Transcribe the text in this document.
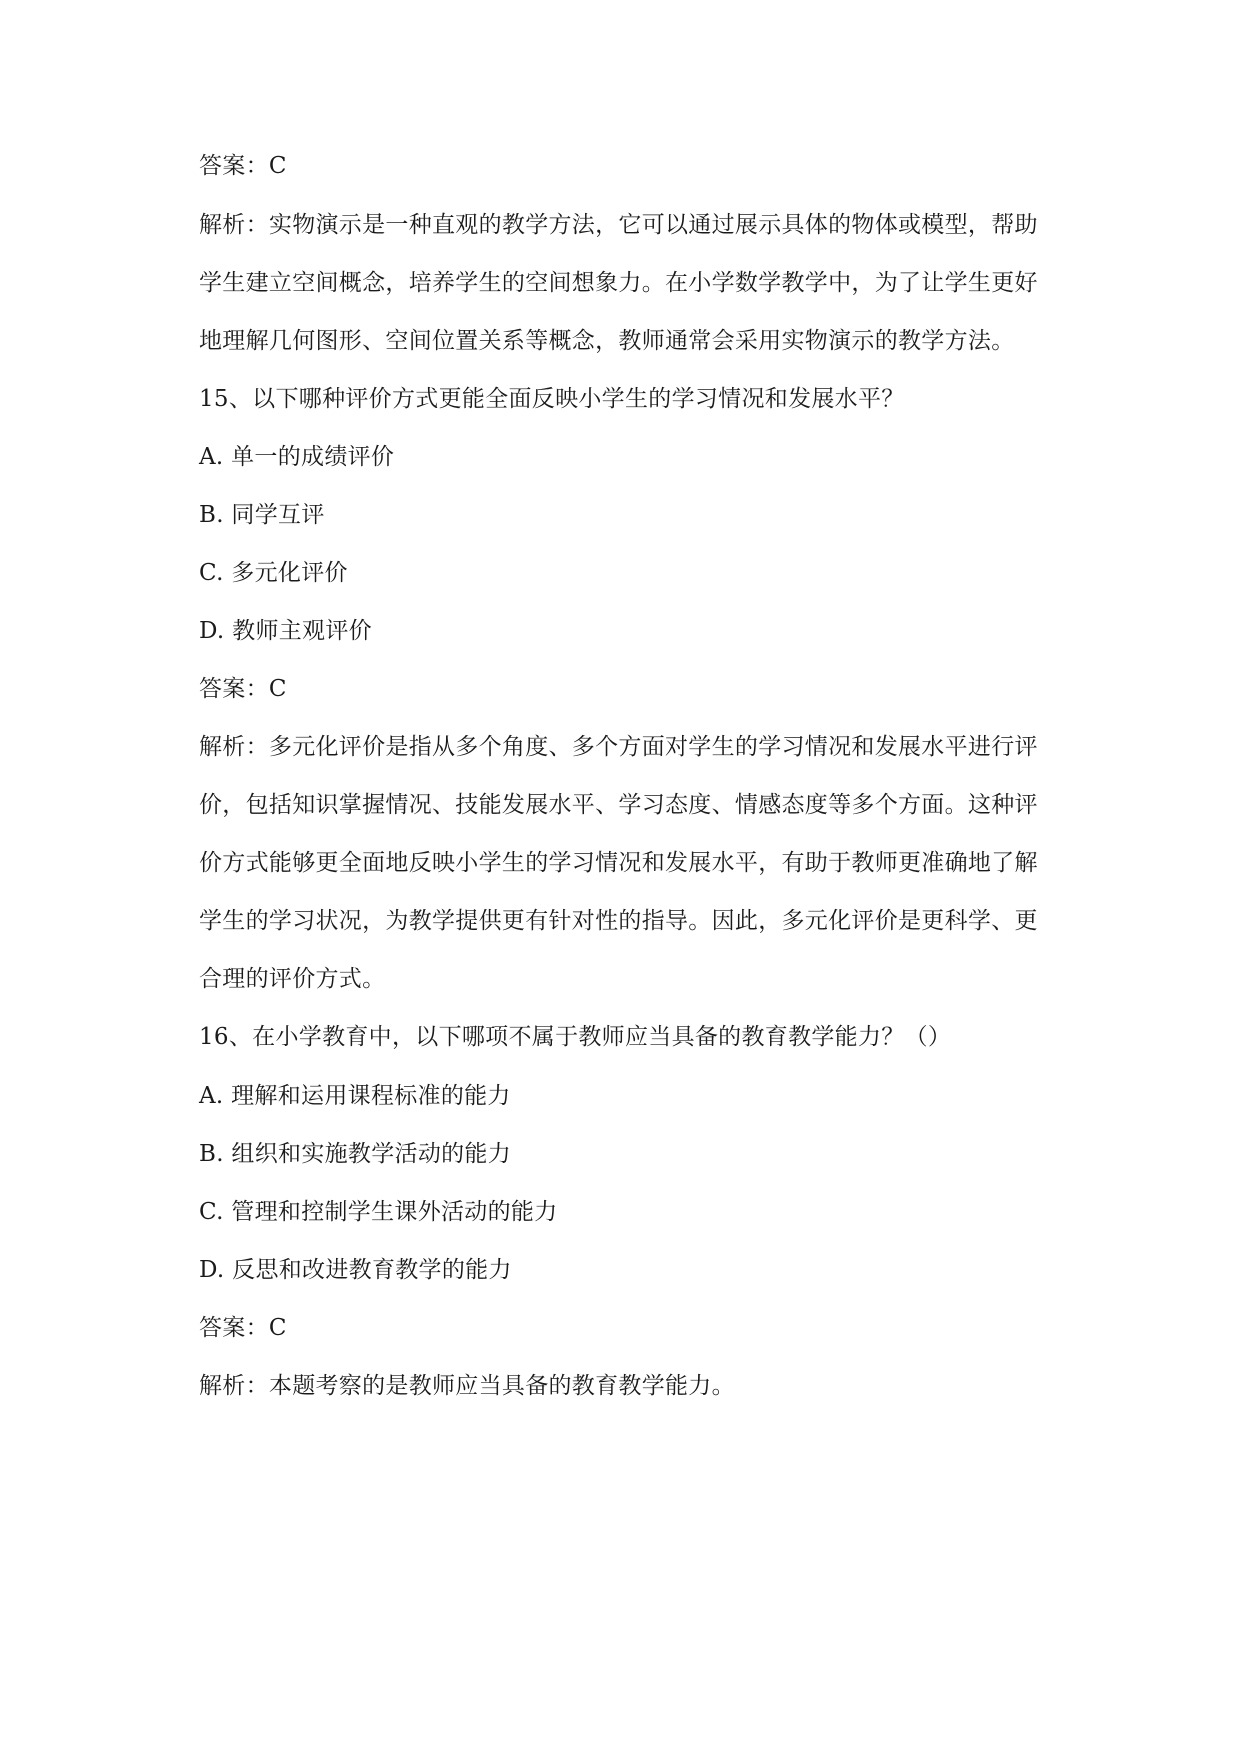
答案：C
解析：实物演示是一种直观的教学方法，它可以通过展示具体的物体或模型，帮助
学生建立空间概念，培养学生的空间想象力。在小学数学教学中，为了让学生更好
地理解几何图形、空间位置关系等概念，教师通常会采用实物演示的教学方法。
15、以下哪种评价方式更能全面反映小学生的学习情况和发展水平？
A. 单一的成绩评价
B. 同学互评
C. 多元化评价
D. 教师主观评价
答案：C
解析：多元化评价是指从多个角度、多个方面对学生的学习情况和发展水平进行评
价，包括知识掌握情况、技能发展水平、学习态度、情感态度等多个方面。这种评
价方式能够更全面地反映小学生的学习情况和发展水平，有助于教师更准确地了解
学生的学习状况，为教学提供更有针对性的指导。因此，多元化评价是更科学、更
合理的评价方式。
16、在小学教育中，以下哪项不属于教师应当具备的教育教学能力？（）
A. 理解和运用课程标准的能力
B. 组织和实施教学活动的能力
C. 管理和控制学生课外活动的能力
D. 反思和改进教育教学的能力
答案：C
解析：本题考察的是教师应当具备的教育教学能力。
